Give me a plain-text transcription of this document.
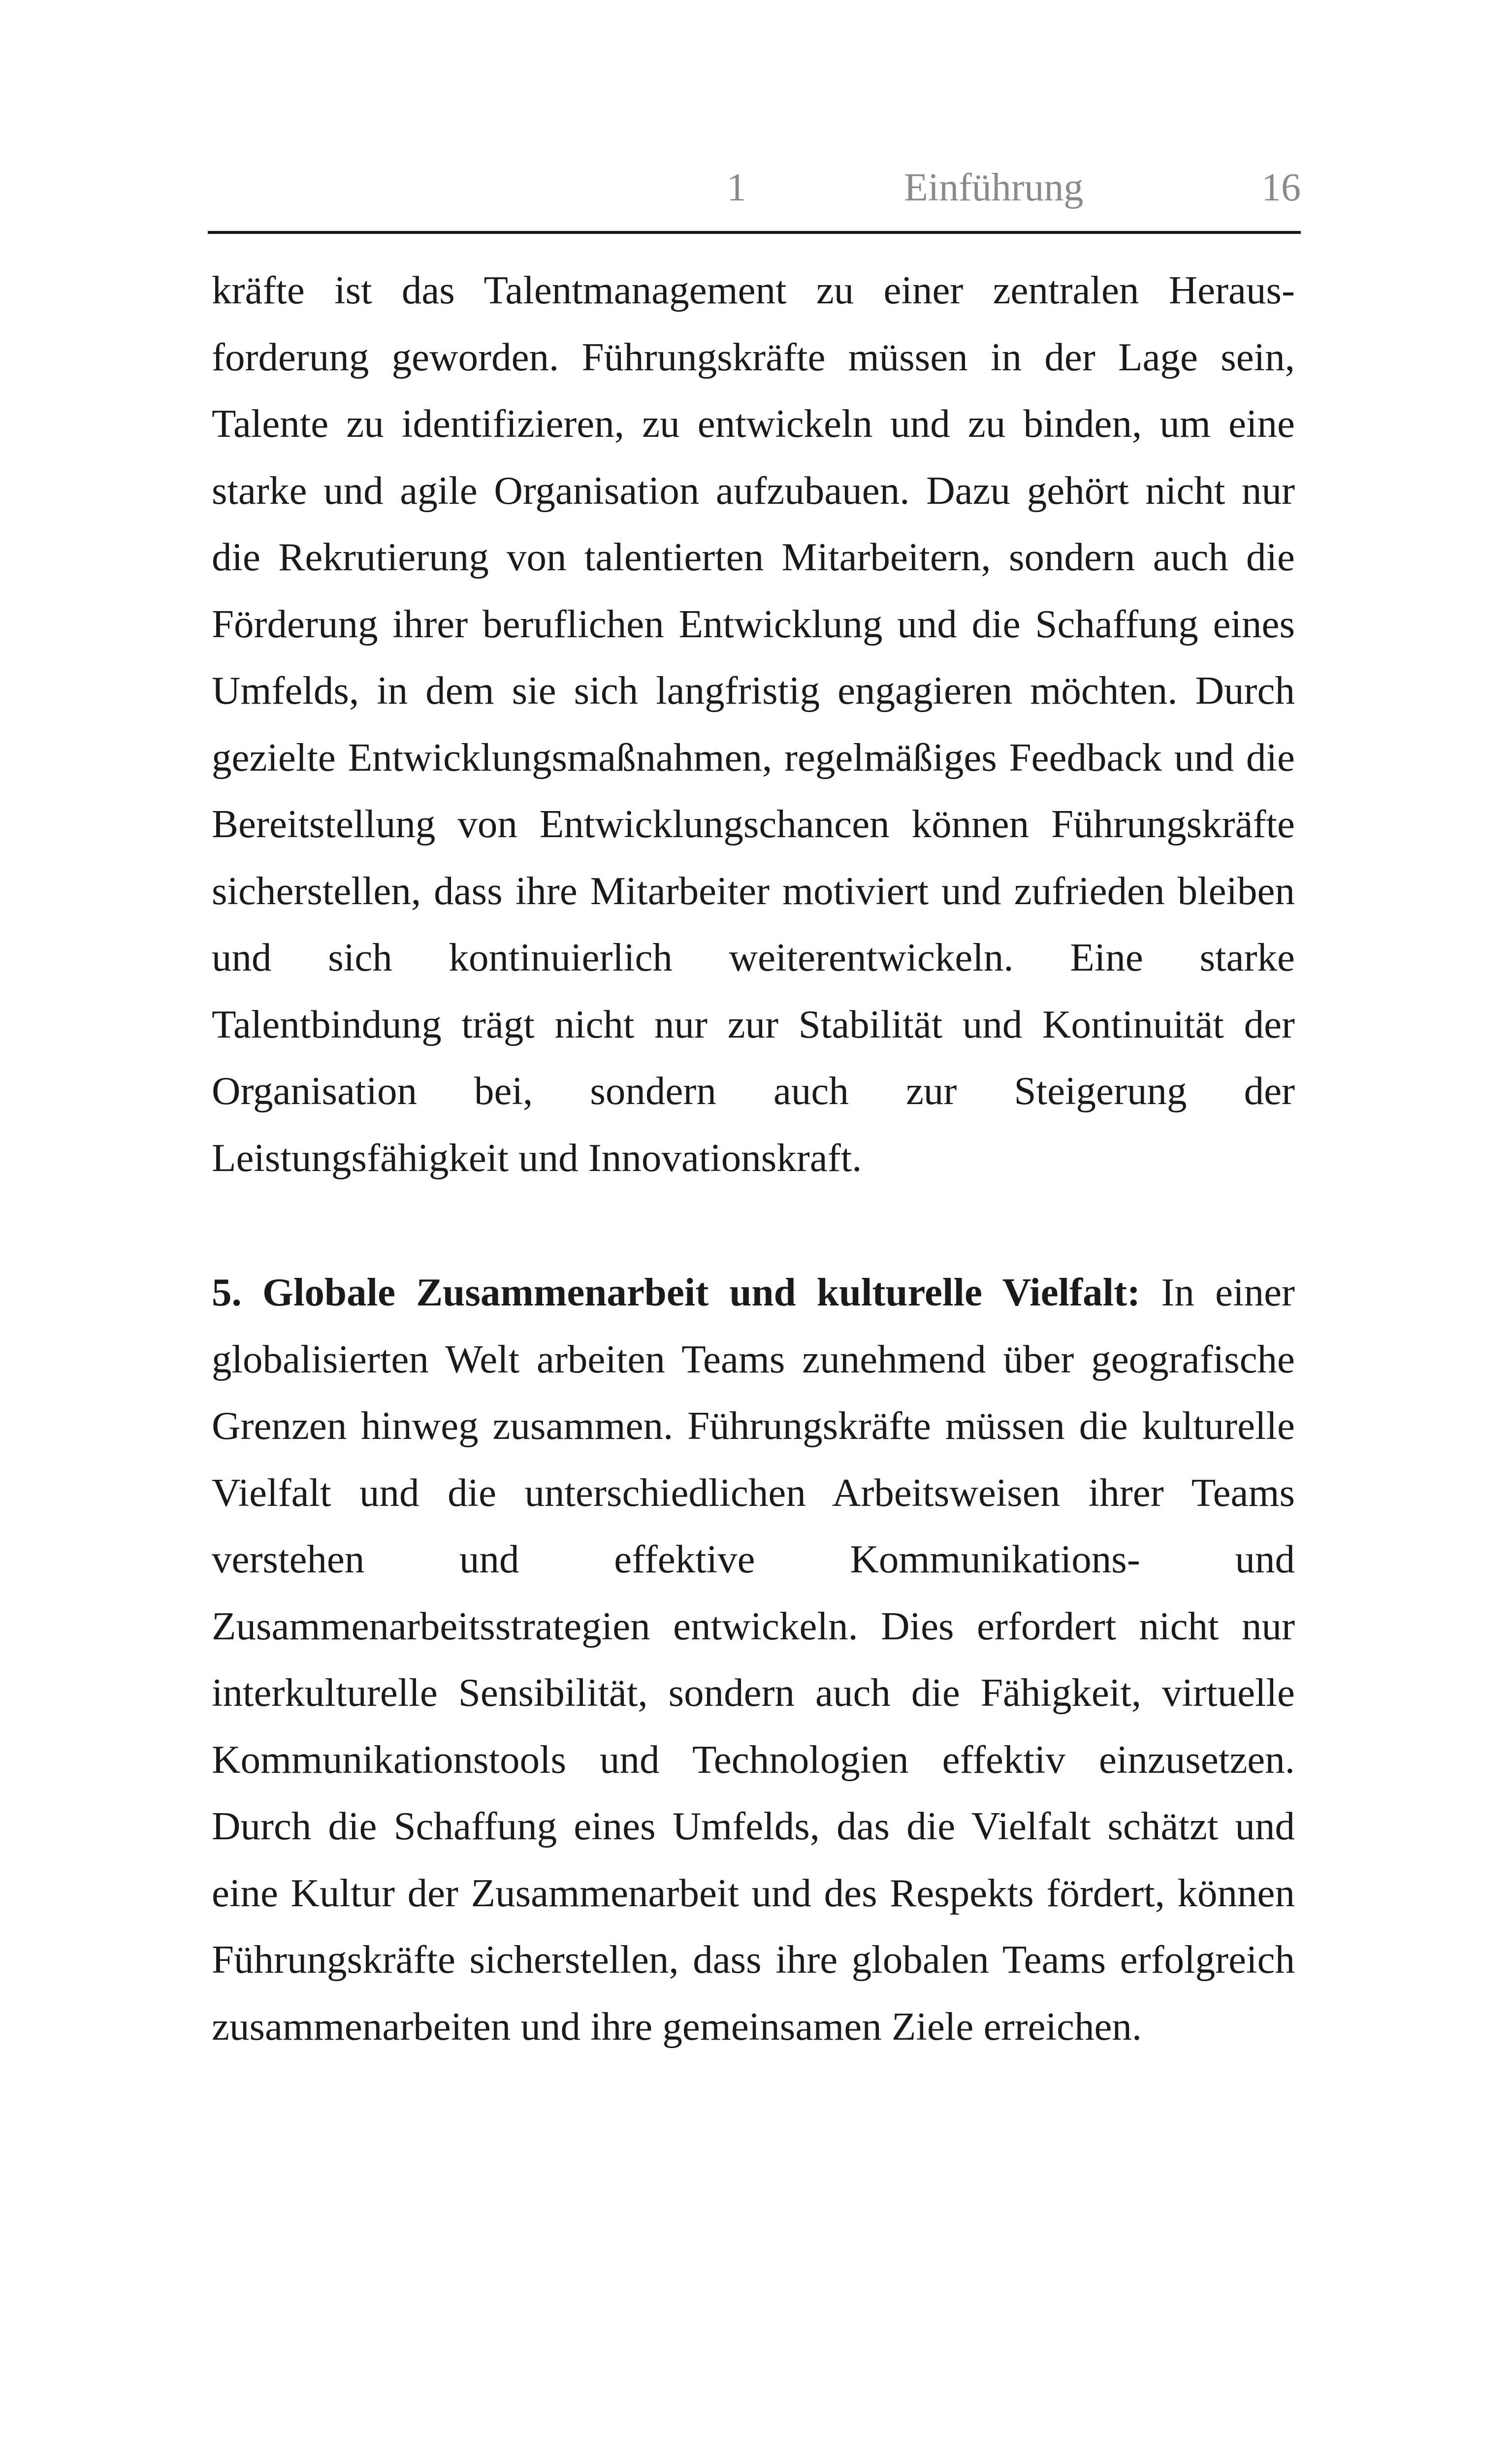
1	Einführung	16

kräfte ist das Talentmanagement zu einer zentralen Herausforderung geworden. Führungskräfte müssen in der Lage sein, Talente zu identifizieren, zu entwickeln und zu binden, um eine starke und agile Organisation aufzubauen. Dazu gehört nicht nur die Rekrutierung von talentierten Mitarbeitern, sondern auch die Förderung ihrer beruflichen Entwicklung und die Schaffung eines Umfelds, in dem sie sich langfristig engagieren möchten. Durch gezielte Entwicklungsmaßnahmen, regelmäßiges Feedback und die Bereitstellung von Entwicklungschancen können Führungskräfte sicherstellen, dass ihre Mitarbeiter motiviert und zufrieden bleiben und sich kontinuierlich weiterentwickeln. Eine starke Talentbindung trägt nicht nur zur Stabilität und Kontinuität der Organisation bei, sondern auch zur Steigerung der Leistungsfähigkeit und Innovationskraft.

5. Globale Zusammenarbeit und kulturelle Vielfalt: In einer globalisierten Welt arbeiten Teams zunehmend über geografische Grenzen hinweg zusammen. Führungskräfte müssen die kulturelle Vielfalt und die unterschiedlichen Arbeitsweisen ihrer Teams verstehen und effektive Kommunikations- und Zusammenarbeitsstrategien entwickeln. Dies erfordert nicht nur interkulturelle Sensibilität, sondern auch die Fähigkeit, virtuelle Kommunikationstools und Technologien effektiv einzusetzen. Durch die Schaffung eines Umfelds, das die Vielfalt schätzt und eine Kultur der Zusammenarbeit und des Respekts fördert, können Führungskräfte sicherstellen, dass ihre globalen Teams erfolgreich zusammenarbeiten und ihre gemeinsamen Ziele erreichen.
